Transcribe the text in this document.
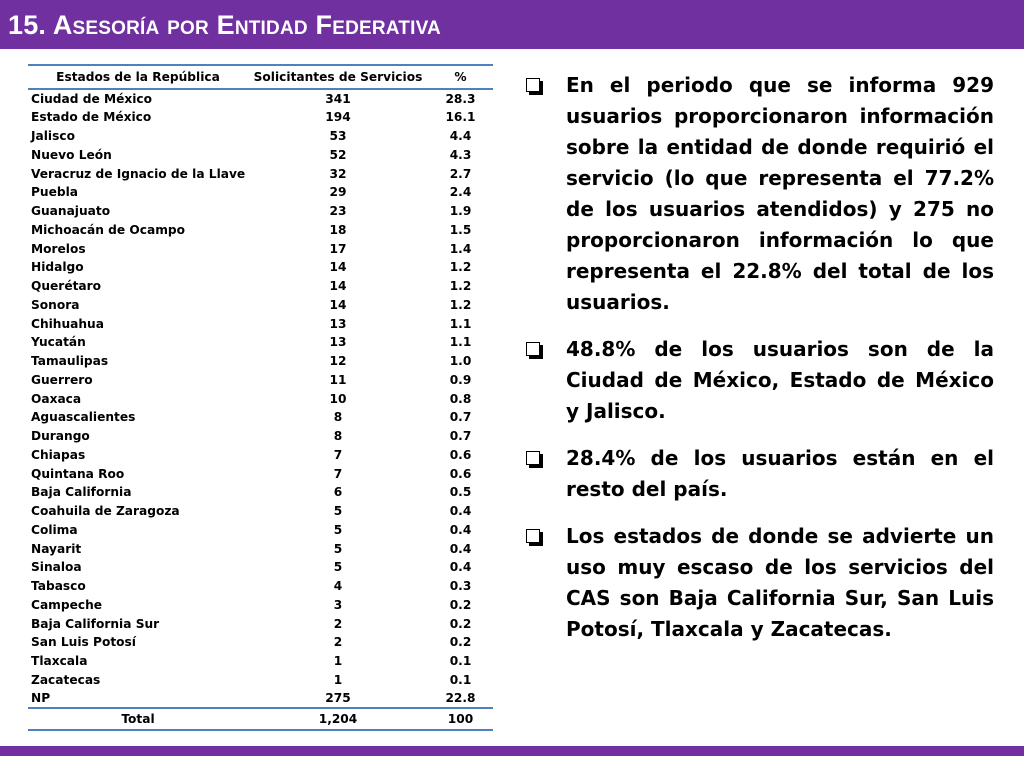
15. Asesoría por Entidad Federativa
Estados de la República	Solicitantes de Servicios	%
Ciudad de México	341	28.3
Estado de México	194	16.1
Jalisco	53	4.4
Nuevo León	52	4.3
Veracruz de Ignacio de la Llave	32	2.7
Puebla	29	2.4
Guanajuato	23	1.9
Michoacán de Ocampo	18	1.5
Morelos	17	1.4
Hidalgo	14	1.2
Querétaro	14	1.2
Sonora	14	1.2
Chihuahua	13	1.1
Yucatán	13	1.1
Tamaulipas	12	1.0
Guerrero	11	0.9
Oaxaca	10	0.8
Aguascalientes	8	0.7
Durango	8	0.7
Chiapas	7	0.6
Quintana Roo	7	0.6
Baja California	6	0.5
Coahuila de Zaragoza	5	0.4
Colima	5	0.4
Nayarit	5	0.4
Sinaloa	5	0.4
Tabasco	4	0.3
Campeche	3	0.2
Baja California Sur	2	0.2
San Luis Potosí	2	0.2
Tlaxcala	1	0.1
Zacatecas	1	0.1
NP	275	22.8
Total	1,204	100
En el periodo que se informa 929 usuarios proporcionaron información sobre la entidad de donde requirió el servicio (lo que representa el 77.2% de los usuarios atendidos) y 275 no proporcionaron información lo que representa el 22.8% del total de los usuarios.
48.8% de los usuarios son de la Ciudad de México, Estado de México y Jalisco.
28.4% de los usuarios están en el resto del país.
Los estados de donde se advierte un uso muy escaso de los servicios del CAS son Baja California Sur, San Luis Potosí, Tlaxcala y Zacatecas.
